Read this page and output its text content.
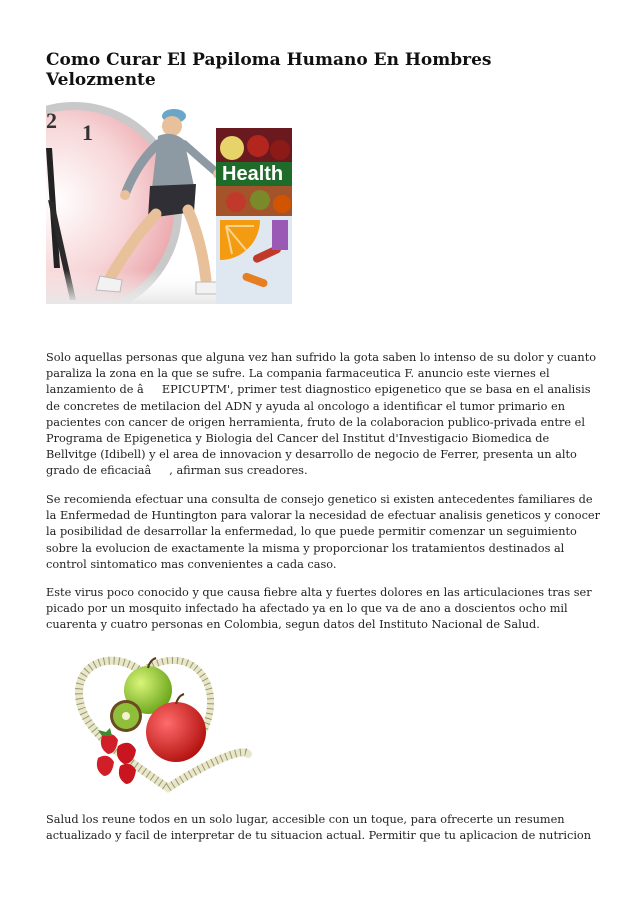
Como Curar El Papiloma Humano En Hombres Velozmente
2 1
Health

Solo aquellas personas que alguna vez han sufrido la gota saben lo intenso de su dolor y cuanto paraliza la zona en la que se sufre. La compania farmaceutica F. anuncio este viernes el lanzamiento de âEPICUPTM', primer test diagnostico epigenetico que se basa en el analisis de concretes de metilacion del ADN y ayuda al oncologo a identificar el tumor primario en pacientes con cancer de origen herramienta, fruto de la colaboracion publico-privada entre el Programa de Epigenetica y Biologia del Cancer del Institut d'Investigacio Biomedica de Bellvitge (Idibell) y el area de innovacion y desarrollo de negocio de Ferrer, presenta un alto grado de eficaciaâ, afirman sus creadores.

Se recomienda efectuar una consulta de consejo genetico si existen antecedentes familiares de la Enfermedad de Huntington para valorar la necesidad de efectuar analisis geneticos y conocer la posibilidad de desarrollar la enfermedad, lo que puede permitir comenzar un seguimiento sobre la evolucion de exactamente la misma y proporcionar los tratamientos destinados al control sintomatico mas convenientes a cada caso.

Este virus poco conocido y que causa fiebre alta y fuertes dolores en las articulaciones tras ser picado por un mosquito infectado ha afectado ya en lo que va de ano a doscientos ocho mil cuarenta y cuatro personas en Colombia, segun datos del Instituto Nacional de Salud.

Salud los reune todos en un solo lugar, accesible con un toque, para ofrecerte un resumen actualizado y facil de interpretar de tu situacion actual. Permitir que tu aplicacion de nutricion
